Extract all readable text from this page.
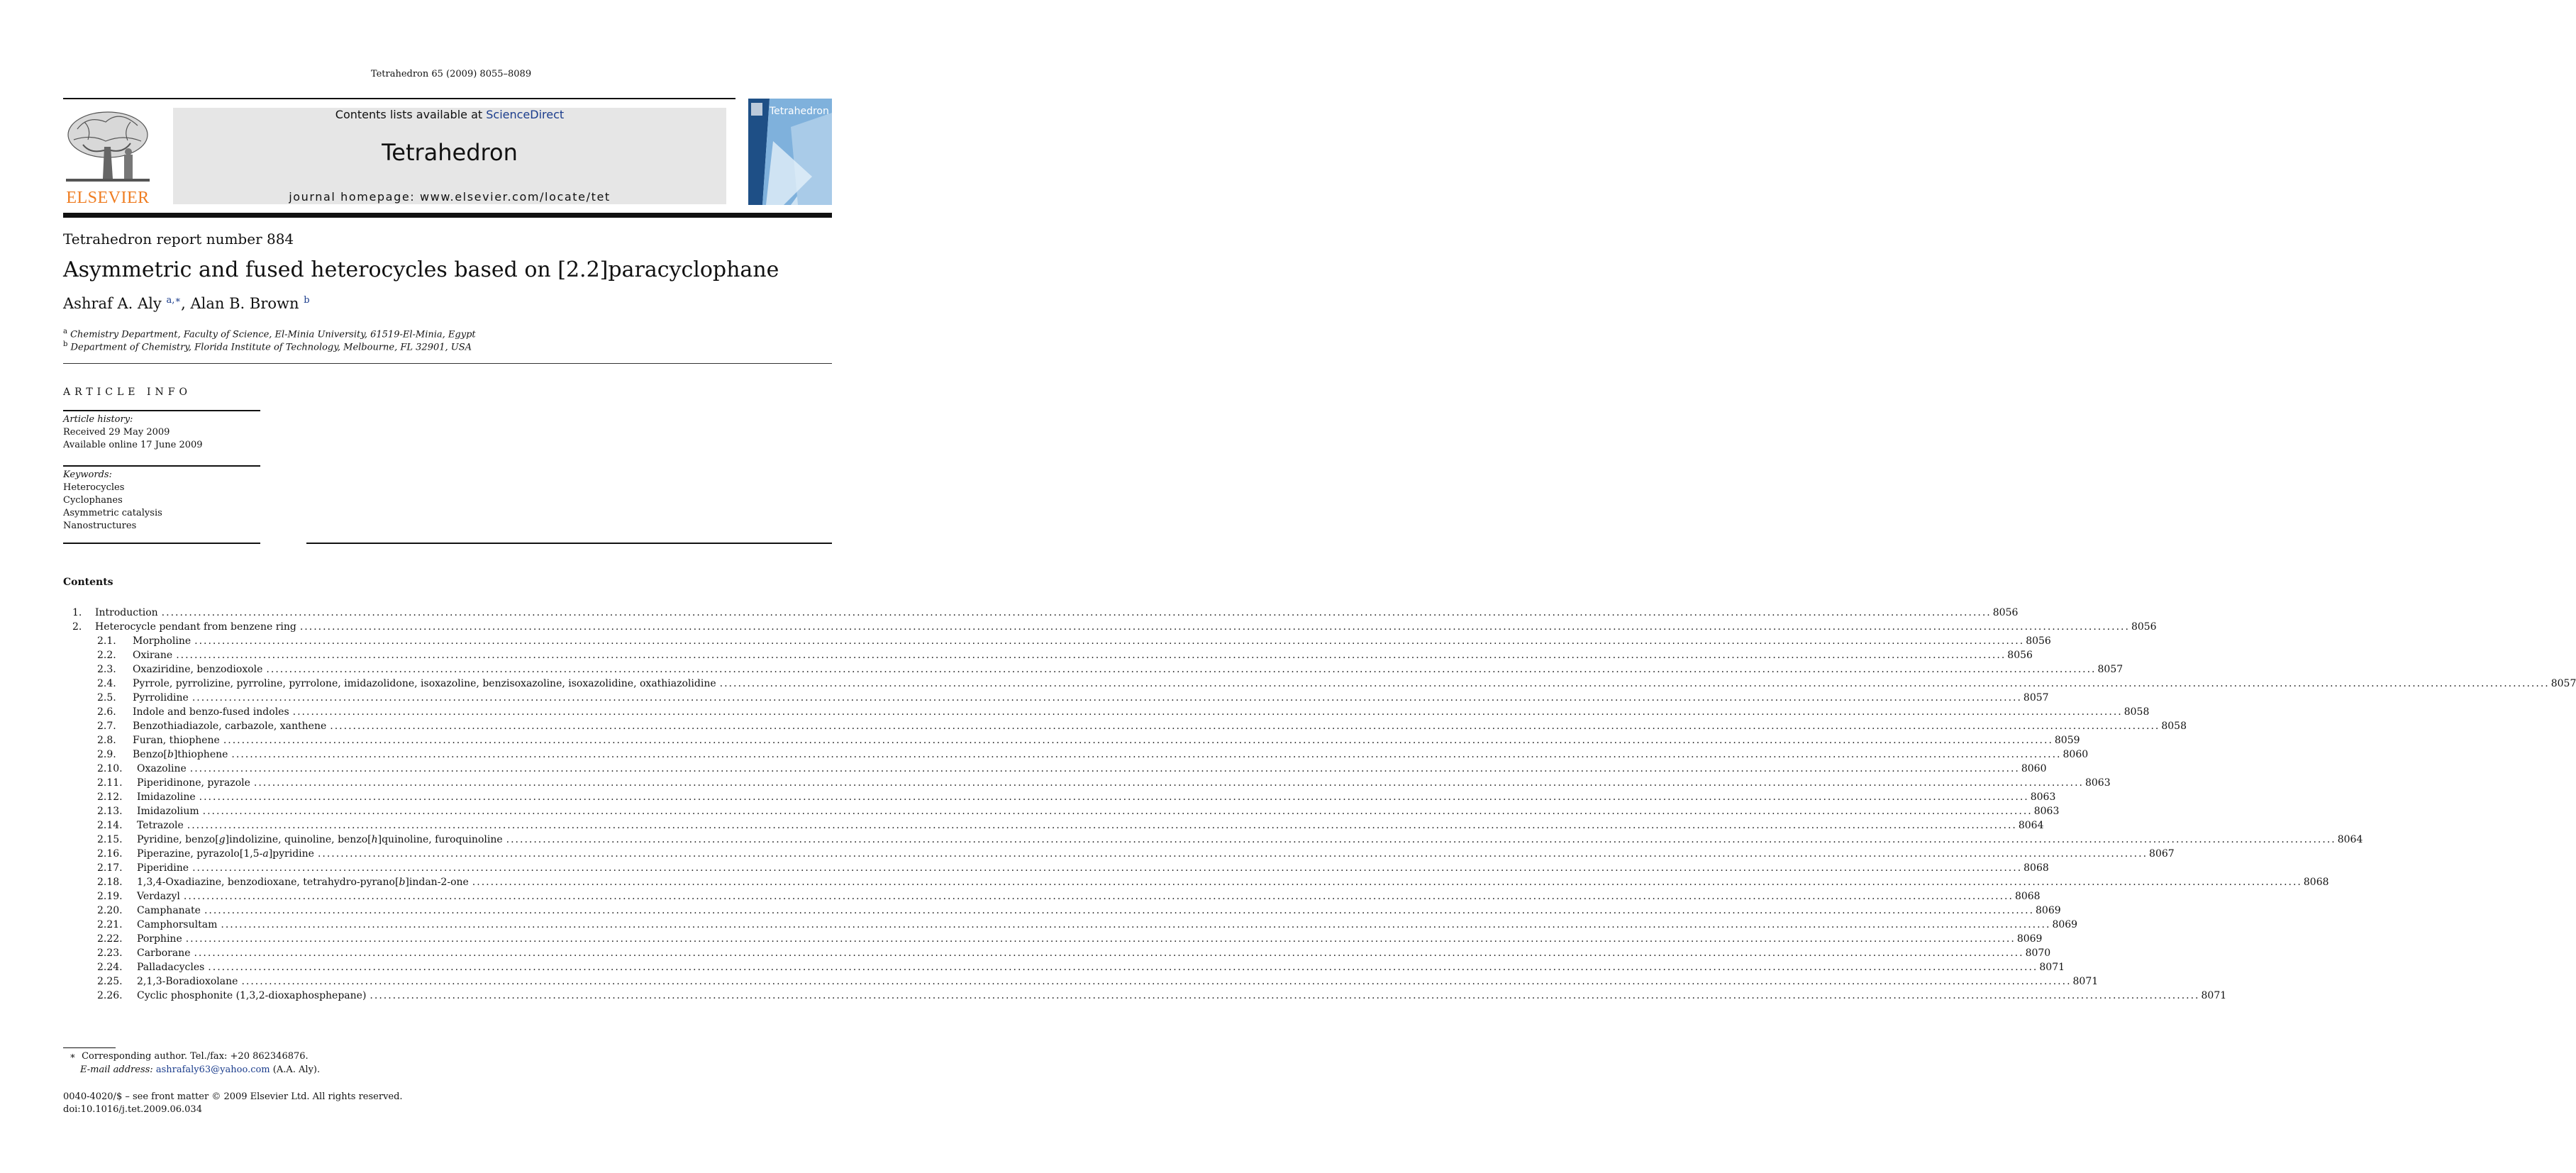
Tetrahedron 65 (2009) 8055–8089
ELSEVIER
Contents lists available at ScienceDirect
Tetrahedron
journal homepage: www.elsevier.com/locate/tet
Tetrahedron
Tetrahedron report number 884
Asymmetric and fused heterocycles based on [2.2]paracyclophane
Ashraf A. Aly $^{a,∗}$, Alan B. Brown $^b$
$^a$ Chemistry Department, Faculty of Science, El-Minia University, 61519-El-Minia, Egypt
$^b$ Department of Chemistry, Florida Institute of Technology, Melbourne, FL 32901, USA
ARTICLE INFO
Article history:
Received 29 May 2009
Available online 17 June 2009
Keywords:
Heterocycles
Cyclophanes
Asymmetric catalysis
Nanostructures
Contents
1.	Introduction ................................................................................................................................................................................................................................................................................................................................................................................................................ 8056
2.	Heterocycle pendant from benzene ring ................................................................................................................................................................................................................................................................................................................................................................................................................ 8056
2.1.	Morpholine ................................................................................................................................................................................................................................................................................................................................................................................................................ 8056
2.2.	Oxirane ................................................................................................................................................................................................................................................................................................................................................................................................................ 8056
2.3.	Oxaziridine, benzodioxole ................................................................................................................................................................................................................................................................................................................................................................................................................ 8057
2.4.	Pyrrole, pyrrolizine, pyrroline, pyrrolone, imidazolidone, isoxazoline, benzisoxazoline, isoxazolidine, oxathiazolidine ................................................................................................................................................................................................................................................................................................................................................................................................................ 8057
2.5.	Pyrrolidine ................................................................................................................................................................................................................................................................................................................................................................................................................ 8057
2.6.	Indole and benzo-fused indoles ................................................................................................................................................................................................................................................................................................................................................................................................................ 8058
2.7.	Benzothiadiazole, carbazole, xanthene ................................................................................................................................................................................................................................................................................................................................................................................................................ 8058
2.8.	Furan, thiophene ................................................................................................................................................................................................................................................................................................................................................................................................................ 8059
2.9.	Benzo[b]thiophene ................................................................................................................................................................................................................................................................................................................................................................................................................ 8060
2.10.	Oxazoline ................................................................................................................................................................................................................................................................................................................................................................................................................ 8060
2.11.	Piperidinone, pyrazole ................................................................................................................................................................................................................................................................................................................................................................................................................ 8063
2.12.	Imidazoline ................................................................................................................................................................................................................................................................................................................................................................................................................ 8063
2.13.	Imidazolium ................................................................................................................................................................................................................................................................................................................................................................................................................ 8063
2.14.	Tetrazole ................................................................................................................................................................................................................................................................................................................................................................................................................ 8064
2.15.	Pyridine, benzo[g]indolizine, quinoline, benzo[h]quinoline, furoquinoline ................................................................................................................................................................................................................................................................................................................................................................................................................ 8064
2.16.	Piperazine, pyrazolo[1,5-a]pyridine ................................................................................................................................................................................................................................................................................................................................................................................................................ 8067
2.17.	Piperidine ................................................................................................................................................................................................................................................................................................................................................................................................................ 8068
2.18.	1,3,4-Oxadiazine, benzodioxane, tetrahydro-pyrano[b]indan-2-one ................................................................................................................................................................................................................................................................................................................................................................................................................ 8068
2.19.	Verdazyl ................................................................................................................................................................................................................................................................................................................................................................................................................ 8068
2.20.	Camphanate ................................................................................................................................................................................................................................................................................................................................................................................................................ 8069
2.21.	Camphorsultam ................................................................................................................................................................................................................................................................................................................................................................................................................ 8069
2.22.	Porphine ................................................................................................................................................................................................................................................................................................................................................................................................................ 8069
2.23.	Carborane ................................................................................................................................................................................................................................................................................................................................................................................................................ 8070
2.24.	Palladacycles ................................................................................................................................................................................................................................................................................................................................................................................................................ 8071
2.25.	2,1,3-Boradioxolane ................................................................................................................................................................................................................................................................................................................................................................................................................ 8071
2.26.	Cyclic phosphonite (1,3,2-dioxaphosphepane) ................................................................................................................................................................................................................................................................................................................................................................................................................ 8071
∗ Corresponding author. Tel./fax: +20 862346876.
E-mail address: ashrafaly63@yahoo.com (A.A. Aly).
0040-4020/$ – see front matter © 2009 Elsevier Ltd. All rights reserved.
doi:10.1016/j.tet.2009.06.034
